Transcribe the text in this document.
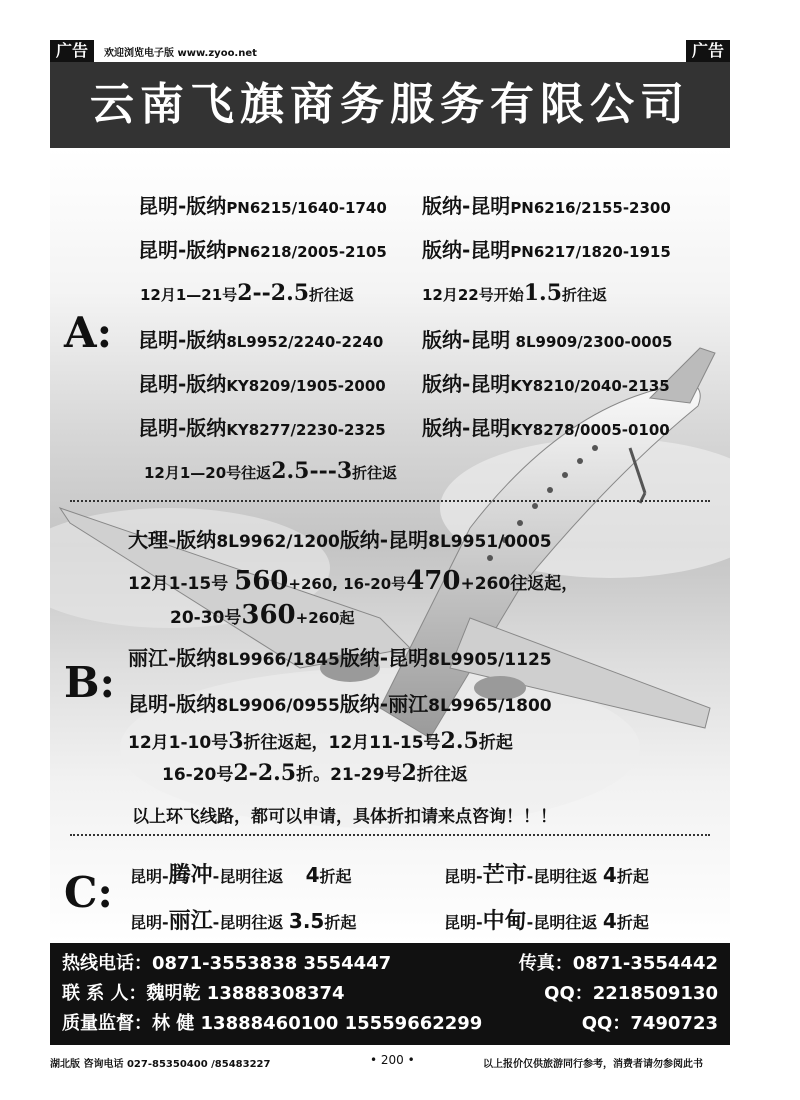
广告	欢迎浏览电子版 www.zyoo.net	广告
云南飞旗商务服务有限公司
A:
昆明-版纳PN6215/1640-1740 版纳-昆明PN6216/2155-2300
昆明-版纳PN6218/2005-2105 版纳-昆明PN6217/1820-1915
12月1—21号2--2.5折往返	12月22号开始1.5折往返
昆明-版纳8L9952/2240-2240 版纳-昆明 8L9909/2300-0005
昆明-版纳KY8209/1905-2000 版纳-昆明KY8210/2040-2135
昆明-版纳KY8277/2230-2325 版纳-昆明KY8278/0005-0100
12月1—20号往返2.5---3折往返
大理-版纳8L9962/1200版纳-昆明8L9951/0005
12月1-15号 560+260, 16-20号470+260往返起，
20-30号360+260起
B: 丽江-版纳8L9966/1845版纳-昆明8L9905/1125
昆明-版纳8L9906/0955版纳-丽江8L9965/1800
12月1-10号3折往返起，12月11-15号2.5折起
16-20号2-2.5折。21-29号2折往返
以上环飞线路，都可以申请，具体折扣请来点咨询！！！
C: 昆明-腾冲-昆明往返 4折起	昆明-芒市-昆明往返 4折起
昆明-丽江-昆明往返 3.5折起	昆明-中甸-昆明往返 4折起
热线电话：0871-3553838 3554447	传真：0871-3554442
联 系 人：魏明乾 13888308374	QQ：2218509130
质量监督：林 健 13888460100 15559662299	QQ：7490723
湖北版 咨询电话 027-85350400 /85483227	• 200 •	以上报价仅供旅游同行参考，消费者请勿参阅此书
